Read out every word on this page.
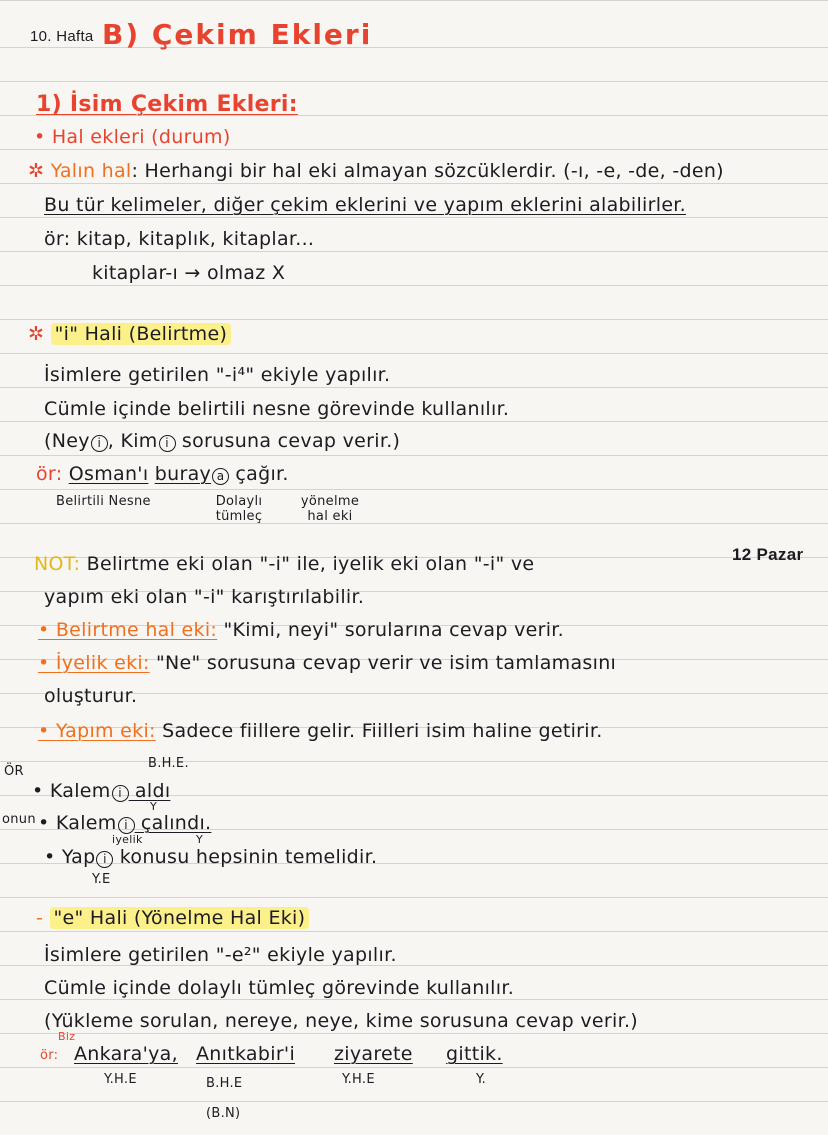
10. Hafta B) Çekim Ekleri
1) İsim Çekim Ekleri:
• Hal ekleri (durum)
✲ Yalın hal: Herhangi bir hal eki almayan sözcüklerdir. (-ı, -e, -de, -den)
Bu tür kelimeler, diğer çekim eklerini ve yapım eklerini alabilirler.
ör: kitap, kitaplık, kitaplar...
kitaplar-ı → olmaz X
✲ "i" Hali (Belirtme)
İsimlere getirilen "-i⁴" ekiyle yapılır.
Cümle içinde belirtili nesne görevinde kullanılır.
(Ney i , Kim i sorusuna cevap verir.)
ör: Osman'ı buray a çağır.
Belirtili Nesne	Dolaylı tümleç
yönelme hal eki
NOT: Belirtme eki olan "-i" ile, iyelik eki olan "-i" ve	12 Pazar
yapım eki olan "-i" karıştırılabilir.
• Belirtme hal eki: "Kimi, neyi" sorularına cevap verir.
• İyelik eki: "Ne" sorusuna cevap verir ve isim tamlamasını
oluşturur.
• Yapım eki: Sadece fiillere gelir. Fiilleri isim haline getirir.
ÖR
B.H.E.
• Kalem i aldı
Y
onun • Kalem i çalındı.
iyelik	Y
• Yap i konusu hepsinin temelidir.
Y.E
- "e" Hali (Yönelme Hal Eki)
İsimlere getirilen "-e²" ekiyle yapılır.
Cümle içinde dolaylı tümleç görevinde kullanılır.
(Yükleme sorulan, nereye, neye, kime sorusuna cevap verir.)
Biz
ör: Ankara'ya, Anıtkabir'i ziyarete gittik.
Y.H.E	B.H.E
(B.N)
Y.H.E	Y.
